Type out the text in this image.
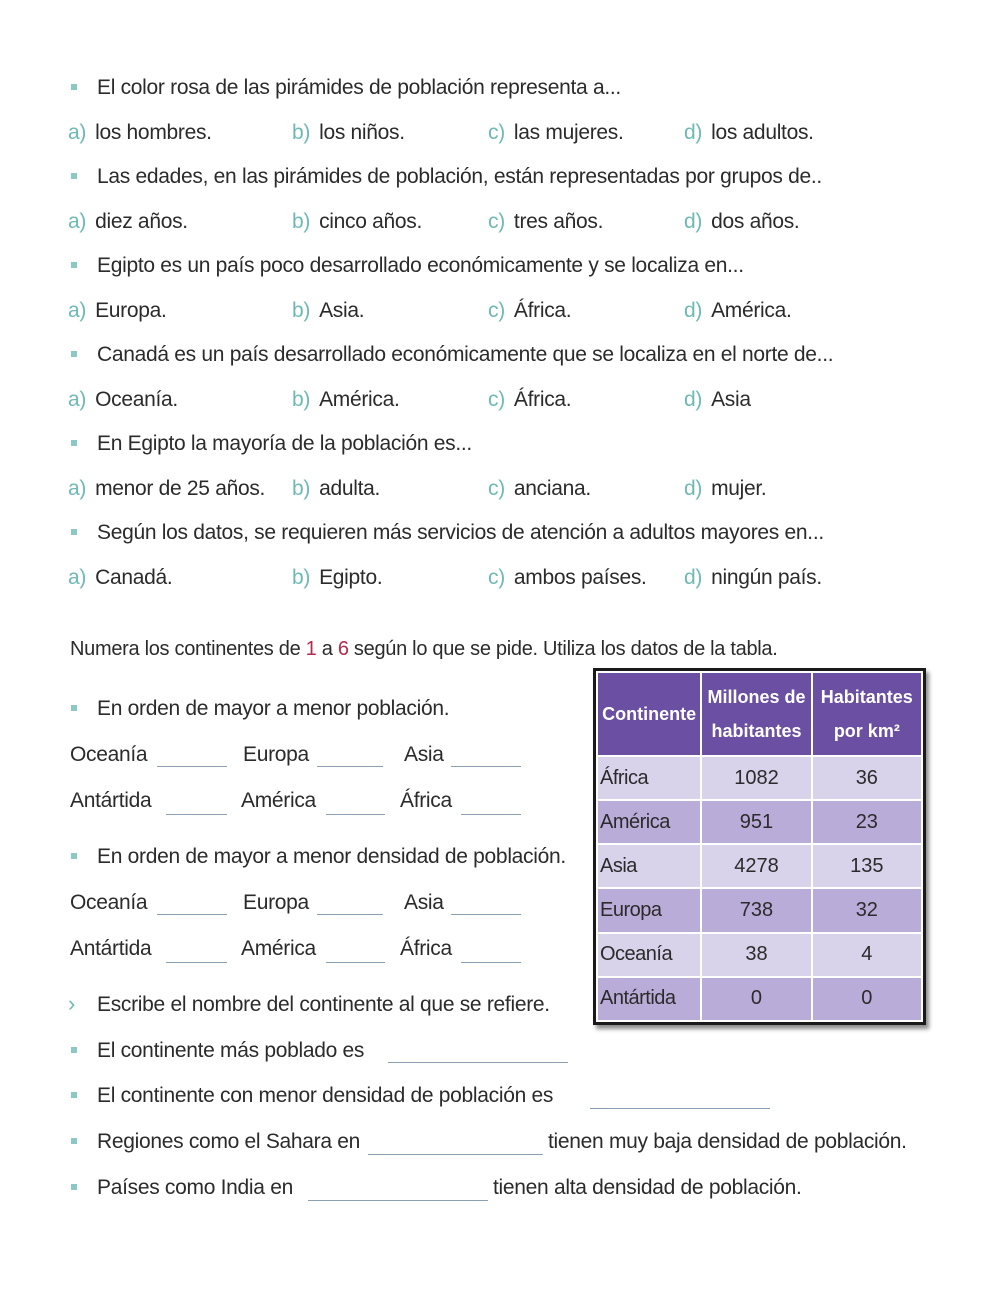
El color rosa de las pirámides de población representa a...
a) los hombres.	b) los niños.	c) las mujeres.	d) los adultos.
Las edades, en las pirámides de población, están representadas por grupos de..
a) diez años.	b) cinco años.	c) tres años.	d) dos años.
Egipto es un país poco desarrollado económicamente y se localiza en...
a) Europa.	b) Asia.	c) África.	d) América.
Canadá es un país desarrollado económicamente que se localiza en el norte de...
a) Oceanía.	b) América.	c) África.	d) Asia
En Egipto la mayoría de la población es...
a) menor de 25 años. b) adulta.	c) anciana.	d) mujer.
Según los datos, se requieren más servicios de atención a adultos mayores en...
a) Canadá.	b) Egipto.	c) ambos países. d) ningún país.
Numera los continentes de 1 a 6 según lo que se pide. Utiliza los datos de la tabla.
En orden de mayor a menor población.
Oceanía	Europa	Asia
Antártida	América	África
En orden de mayor a menor densidad de población.
Oceanía	Europa	Asia
Antártida	América	África
› Escribe el nombre del continente al que se refiere.
El continente más poblado es
El continente con menor densidad de población es
Regiones como el Sahara en	tienen muy baja densidad de población.
Países como India en	tienen alta densidad de población.
Continente	Millones de habitantes	Habitantes por km²
África	1082	36
América	951	23
Asia	4278	135
Europa	738	32
Oceanía	38	4
Antártida	0	0
